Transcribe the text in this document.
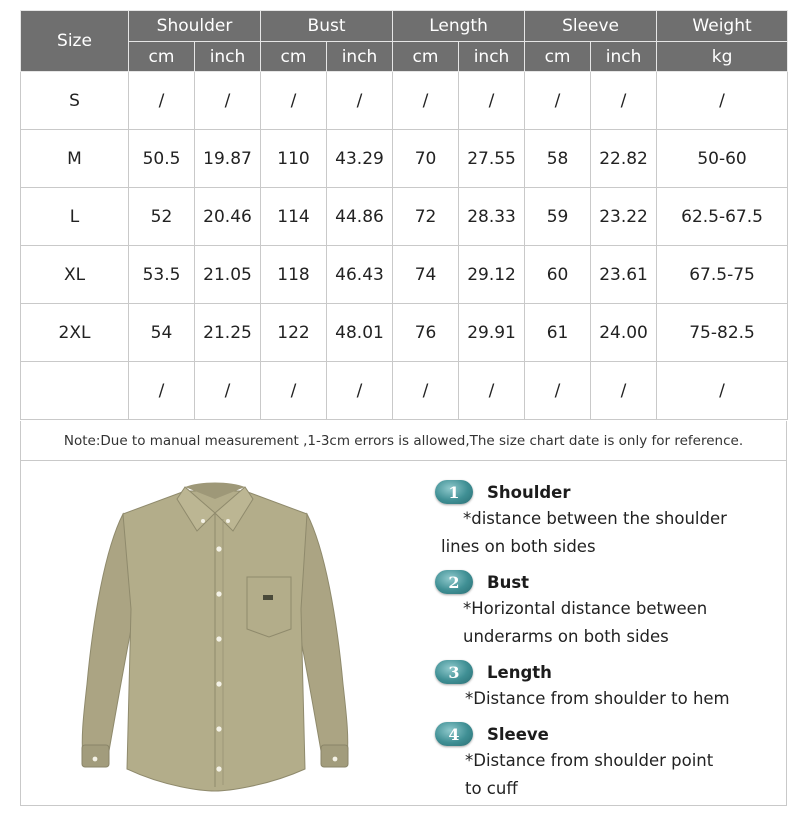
Size	Shoulder		Bust		Length		Sleeve		Weight
	cm	inch	cm	inch	cm	inch	cm	inch	kg
S	/	/	/	/	/	/	/	/	/
M	50.5	19.87	110	43.29	70	27.55	58	22.82	50-60
L	52	20.46	114	44.86	72	28.33	59	23.22	62.5-67.5
XL	53.5	21.05	118	46.43	74	29.12	60	23.61	67.5-75
2XL	54	21.25	122	48.01	76	29.91	61	24.00	75-82.5
	/	/	/	/	/	/	/	/	/
Note:Due to manual measurement ,1-3cm errors is allowed,The size chart date is only for reference.
1	Shoulder
*distance between the shoulder
lines on both sides
2	Bust
*Horizontal distance between
underarms on both sides
3	Length
*Distance from shoulder to hem
4	Sleeve
*Distance from shoulder point
to cuff
